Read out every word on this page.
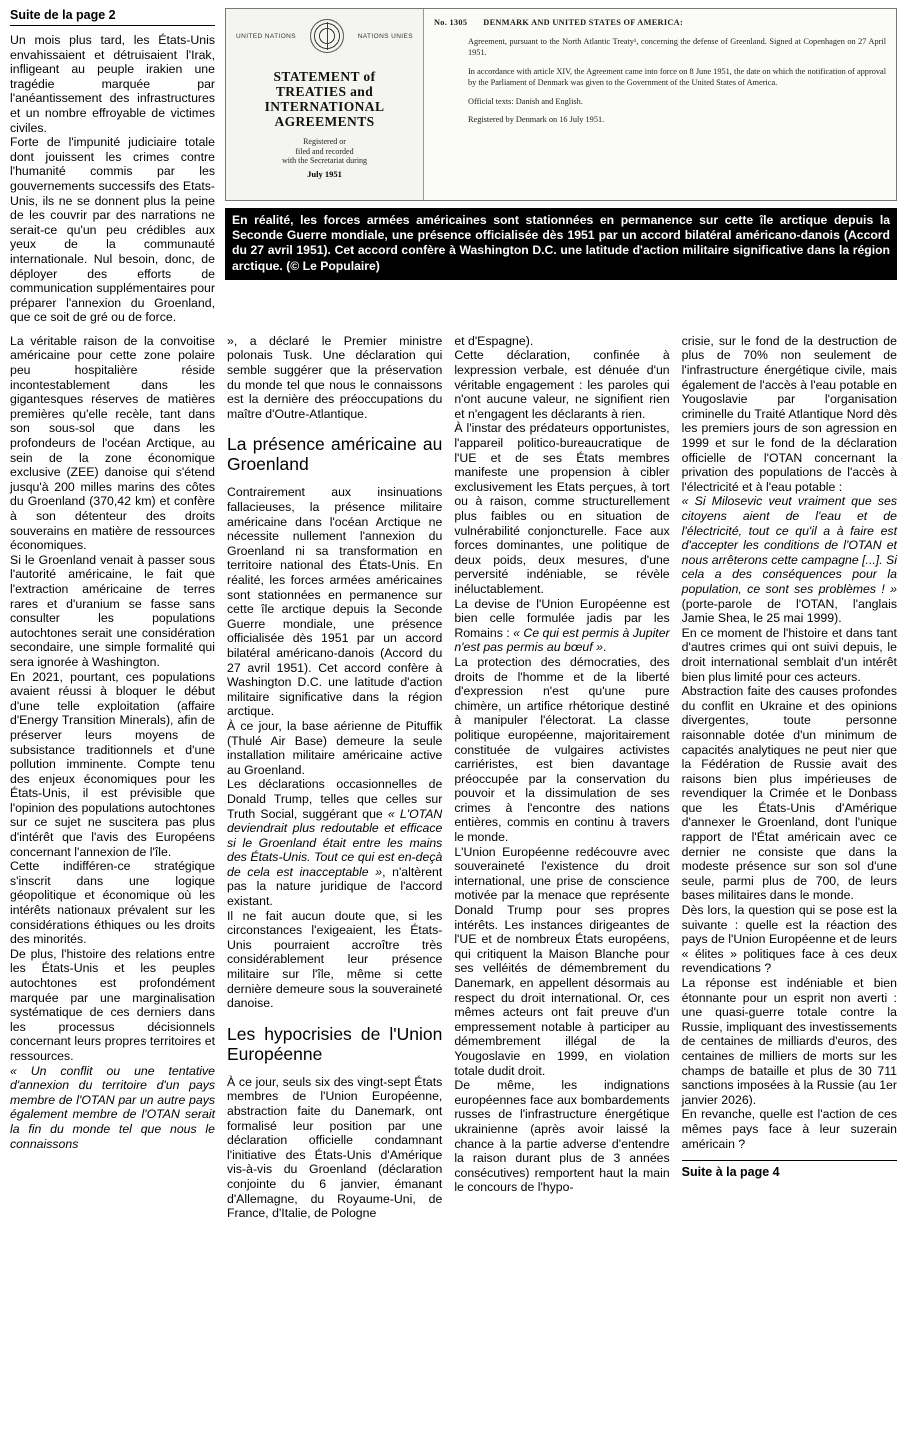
Suite de la page 2

Un mois plus tard, les États-Unis envahissaient et détruisaient l'Irak, infligeant au peuple irakien une tragédie marquée par l'anéantissement des infrastructures et un nombre effroyable de victimes civiles.

Forte de l'impunité judiciaire totale dont jouissent les crimes contre l'humanité commis par les gouvernements successifs des Etats-Unis, ils ne se donnent plus la peine de les couvrir par des narrations ne serait-ce qu'un peu crédibles aux yeux de la communauté internationale. Nul besoin, donc, de déployer des efforts de communication supplémentaires pour préparer l'annexion du Groenland, que ce soit de gré ou de force.

UNITED NATIONS	NATIONS UNIES
STATEMENT of
TREATIES and INTERNATIONAL
AGREEMENTS
Registered or
filed and recorded
with the Secretariat during
July 1951
No. 1305 DENMARK AND UNITED STATES OF AMERICA:

Agreement, pursuant to the North Atlantic Treaty¹, concerning the defense of Greenland. Signed at Copenhagen on 27 April 1951.

In accordance with article XIV, the Agreement came into force on 8 June 1951, the date on which the notification of approval by the Parliament of Denmark was given to the Government of the United States of America.

Official texts: Danish and English.

Registered by Denmark on 16 July 1951.

En réalité, les forces armées américaines sont stationnées en permanence sur cette île arctique depuis la Seconde Guerre mondiale, une présence officialisée dès 1951 par un accord bilatéral américano-danois (Accord du 27 avril 1951). Cet accord confère à Washington D.C. une latitude d'action militaire significative dans la région arctique. (© Le Populaire)

La véritable raison de la convoitise américaine pour cette zone polaire peu hospitalière réside incontestablement dans les gigantesques réserves de matières premières qu'elle recèle, tant dans son sous-sol que dans les profondeurs de l'océan Arctique, au sein de la zone économique exclusive (ZEE) danoise qui s'étend jusqu'à 200 milles marins des côtes du Groenland (370,42 km) et confère à son détenteur des droits souverains en matière de ressources économiques.

Si le Groenland venait à passer sous l'autorité américaine, le fait que l'extraction américaine de terres rares et d'uranium se fasse sans consulter les populations autochtones serait une considération secondaire, une simple formalité qui sera ignorée à Washington.

En 2021, pourtant, ces populations avaient réussi à bloquer le début d'une telle exploitation (affaire d'Energy Transition Minerals), afin de préserver leurs moyens de subsistance traditionnels et d'une pollution imminente. Compte tenu des enjeux économiques pour les États-Unis, il est prévisible que l'opinion des populations autochtones sur ce sujet ne suscitera pas plus d'intérêt que l'avis des Européens concernant l'annexion de l'île.

Cette indifféren-ce stratégique s'inscrit dans une logique géopolitique et économique où les intérêts nationaux prévalent sur les considérations éthiques ou les droits des minorités.

De plus, l'histoire des relations entre les États-Unis et les peuples autochtones est profondément marquée par une marginalisation systématique de ces derniers dans les processus décisionnels concernant leurs propres territoires et ressources.

« Un conflit ou une tentative d'annexion du territoire d'un pays membre de l'OTAN par un autre pays également membre de l'OTAN serait la fin du monde tel que nous le connaissons

», a déclaré le Premier ministre polonais Tusk. Une déclaration qui semble suggérer que la préservation du monde tel que nous le connaissons est la dernière des préoccupations du maître d'Outre-Atlantique.

La présence américaine au Groenland

Contrairement aux insinuations fallacieuses, la présence militaire américaine dans l'océan Arctique ne nécessite nullement l'annexion du Groenland ni sa transformation en territoire national des États-Unis. En réalité, les forces armées américaines sont stationnées en permanence sur cette île arctique depuis la Seconde Guerre mondiale, une présence officialisée dès 1951 par un accord bilatéral américano-danois (Accord du 27 avril 1951). Cet accord confère à Washington D.C. une latitude d'action militaire significative dans la région arctique.

À ce jour, la base aérienne de Pituffik (Thulé Air Base) demeure la seule installation militaire américaine active au Groenland.

Les déclarations occasionnelles de Donald Trump, telles que celles sur Truth Social, suggérant que « L'OTAN deviendrait plus redoutable et efficace si le Groenland était entre les mains des États-Unis. Tout ce qui est en-deçà de cela est inacceptable », n'altèrent pas la nature juridique de l'accord existant.

Il ne fait aucun doute que, si les circonstances l'exigeaient, les États-Unis pourraient accroître très considérablement leur présence militaire sur l'île, même si cette dernière demeure sous la souveraineté danoise.

Les hypocrisies de l'Union Européenne

À ce jour, seuls six des vingt-sept États membres de l'Union Européenne, abstraction faite du Danemark, ont formalisé leur position par une déclaration officielle condamnant l'initiative des États-Unis d'Amérique vis-à-vis du Groenland (déclaration conjointe du 6 janvier, émanant d'Allemagne, du Royaume-Uni, de France, d'Italie, de Pologne

et d'Espagne).

Cette déclaration, confinée à lexpression verbale, est dénuée d'un véritable engagement : les paroles qui n'ont aucune valeur, ne signifient rien et n'engagent les déclarants à rien.

À l'instar des prédateurs opportunistes, l'appareil politico-bureaucratique de l'UE et de ses États membres manifeste une propension à cibler exclusivement les Etats perçues, à tort ou à raison, comme structurellement plus faibles ou en situation de vulnérabilité conjoncturelle. Face aux forces dominantes, une politique de deux poids, deux mesures, d'une perversité indéniable, se révèle inéluctablement.

La devise de l'Union Européenne est bien celle formulée jadis par les Romains : « Ce qui est permis à Jupiter n'est pas permis au bœuf ».

La protection des démocraties, des droits de l'homme et de la liberté d'expression n'est qu'une pure chimère, un artifice rhétorique destiné à manipuler l'électorat. La classe politique européenne, majoritairement constituée de vulgaires activistes carriéristes, est bien davantage préoccupée par la conservation du pouvoir et la dissimulation de ses crimes à l'encontre des nations entières, commis en continu à travers le monde.

L'Union Européenne redécouvre avec souveraineté l'existence du droit international, une prise de conscience motivée par la menace que représente Donald Trump pour ses propres intérêts. Les instances dirigeantes de l'UE et de nombreux États européens, qui critiquent la Maison Blanche pour ses velléités de démembrement du Danemark, en appellent désormais au respect du droit international. Or, ces mêmes acteurs ont fait preuve d'un empressement notable à participer au démembrement illégal de la Yougoslavie en 1999, en violation totale dudit droit.

De même, les indignations européennes face aux bombardements russes de l'infrastructure énergétique ukrainienne (après avoir laissé la chance à la partie adverse d'entendre la raison durant plus de 3 années consécutives) remportent haut la main le concours de l'hypo-

crisie, sur le fond de la destruction de plus de 70% non seulement de l'infrastructure énergétique civile, mais également de l'accès à l'eau potable en Yougoslavie par l'organisation criminelle du Traité Atlantique Nord dès les premiers jours de son agression en 1999 et sur le fond de la déclaration officielle de l'OTAN concernant la privation des populations de l'accès à l'électricité et à l'eau potable :

« Si Milosevic veut vraiment que ses citoyens aient de l'eau et de l'électricité, tout ce qu'il a à faire est d'accepter les conditions de l'OTAN et nous arrêterons cette campagne [...]. Si cela a des conséquences pour la population, ce sont ses problèmes ! » (porte-parole de l'OTAN, l'anglais Jamie Shea, le 25 mai 1999).

En ce moment de l'histoire et dans tant d'autres crimes qui ont suivi depuis, le droit international semblait d'un intérêt bien plus limité pour ces acteurs.

Abstraction faite des causes profondes du conflit en Ukraine et des opinions divergentes, toute personne raisonnable dotée d'un minimum de capacités analytiques ne peut nier que la Fédération de Russie avait des raisons bien plus impérieuses de revendiquer la Crimée et le Donbass que les États-Unis d'Amérique d'annexer le Groenland, dont l'unique rapport de l'État américain avec ce dernier ne consiste que dans la modeste présence sur son sol d'une seule, parmi plus de 700, de leurs bases militaires dans le monde.

Dès lors, la question qui se pose est la suivante : quelle est la réaction des pays de l'Union Européenne et de leurs « élites » politiques face à ces deux revendications ?

La réponse est indéniable et bien étonnante pour un esprit non averti : une quasi-guerre totale contre la Russie, impliquant des investissements de centaines de milliards d'euros, des centaines de milliers de morts sur les champs de bataille et plus de 30 711 sanctions imposées à la Russie (au 1er janvier 2026).

En revanche, quelle est l'action de ces mêmes pays face à leur suzerain américain ?

Suite à la page 4
